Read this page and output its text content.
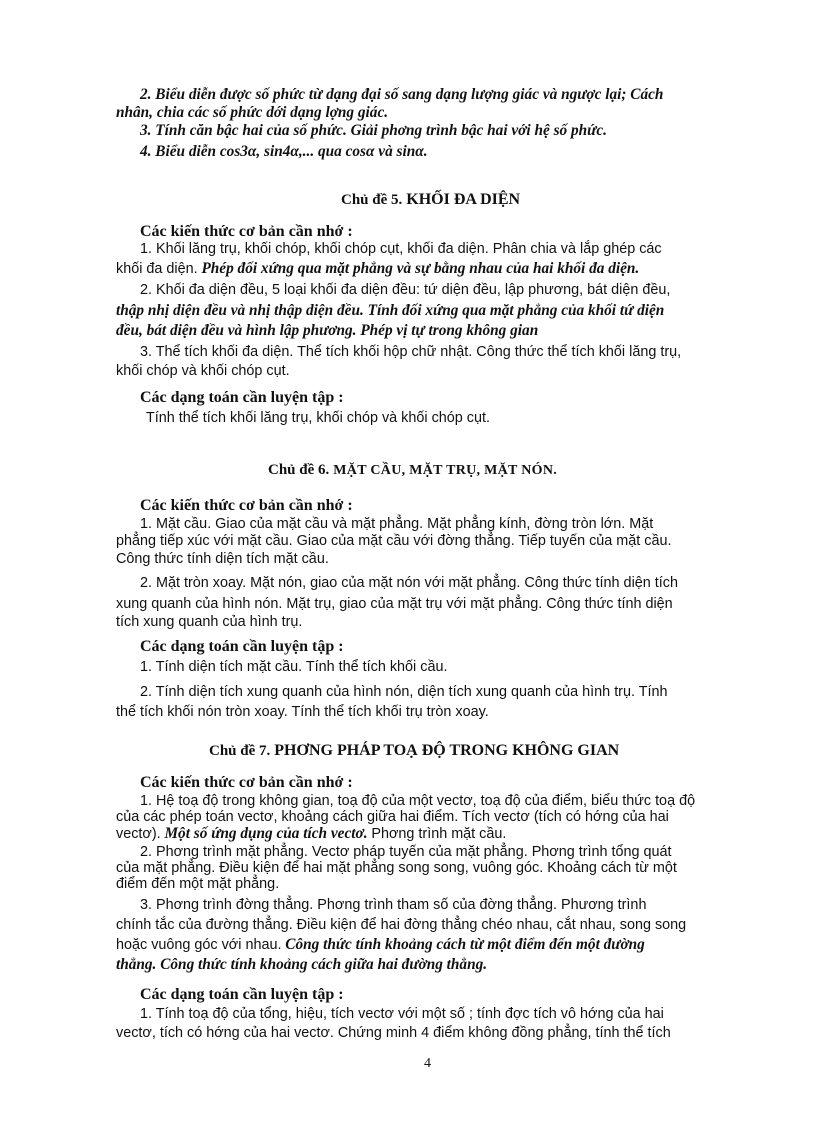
2. Biểu diễn được số phức từ dạng đại số sang dạng lượng giác và ngược lại; Cách
nhân, chia các số phức dới dạng lợng giác.
3. Tính căn bậc hai của số phức. Giải phơng trình bậc hai với hệ số phức.
4. Biểu diễn cos3α, sin4α,... qua cosα và sinα.
Chủ đề 5. KHỐI ĐA DIỆN
Các kiến thức cơ bản cần nhớ :
1. Khối lăng trụ, khối chóp, khối chóp cụt, khối đa diện. Phân chia và lắp ghép các
khối đa diện. Phép đối xứng qua mặt phẳng và sự bằng nhau của hai khối đa diện.
2. Khối đa diện đều, 5 loại khối đa diện đều: tứ diện đều, lập phương, bát diện đều,
thập nhị diện đều và nhị thập diện đều. Tính đối xứng qua mặt phẳng của khối tứ diện
đều, bát diện đều và hình lập phương. Phép vị tự trong không gian
3. Thể tích khối đa diện. Thể tích khối hộp chữ nhật. Công thức thể tích khối lăng trụ,
khối chóp và khối chóp cụt.
Các dạng toán cần luyện tập :
Tính thể tích khối lăng trụ, khối chóp và khối chóp cụt.
Chủ đề 6. MẶT CẦU, MẶT TRỤ, MẶT NÓN.
Các kiến thức cơ bản cần nhớ :
1. Mặt cầu. Giao của mặt cầu và mặt phẳng. Mặt phẳng kính, đờng tròn lớn. Mặt
phẳng tiếp xúc với mặt cầu. Giao của mặt cầu với đờng thẳng. Tiếp tuyến của mặt cầu.
Công thức tính diện tích mặt cầu.
2. Mặt tròn xoay. Mặt nón, giao của mặt nón với mặt phẳng. Công thức tính diện tích
xung quanh của hình nón. Mặt trụ, giao của mặt trụ với mặt phẳng. Công thức tính diện
tích xung quanh của hình trụ.
Các dạng toán cần luyện tập :
1. Tính diện tích mặt cầu. Tính thể tích khối cầu.
2. Tính diện tích xung quanh của hình nón, diện tích xung quanh của hình trụ. Tính
thể tích khối nón tròn xoay. Tính thể tích khối trụ tròn xoay.
Chủ đề 7. PHƠNG PHÁP TOẠ ĐỘ TRONG KHÔNG GIAN
Các kiến thức cơ bản cần nhớ :
1. Hệ toạ độ trong không gian, toạ độ của một vectơ, toạ độ của điểm, biểu thức toạ độ
của các phép toán vectơ, khoảng cách giữa hai điểm. Tích vectơ (tích có hớng của hai
vectơ). Một số ứng dụng của tích vectơ. Phơng trình mặt cầu.
2. Phơng trình mặt phẳng. Vectơ pháp tuyến của mặt phẳng. Phơng trình tổng quát
của mặt phẳng. Điều kiện để hai mặt phẳng song song, vuông góc. Khoảng cách từ một
điểm đến một mặt phẳng.
3. Phơng trình đờng thẳng. Phơng trình tham số của đờng thẳng. Phương trình
chính tắc của đường thẳng. Điều kiện để hai đờng thẳng chéo nhau, cắt nhau, song song
hoặc vuông góc với nhau. Công thức tính khoảng cách từ một điểm đến một đường
thẳng. Công thức tính khoảng cách giữa hai đường thẳng.
Các dạng toán cần luyện tập :
1. Tính toạ độ của tổng, hiệu, tích vectơ với một số ; tính đợc tích vô hớng của hai
vectơ, tích có hớng của hai vectơ. Chứng minh 4 điểm không đồng phẳng, tính thể tích
4
